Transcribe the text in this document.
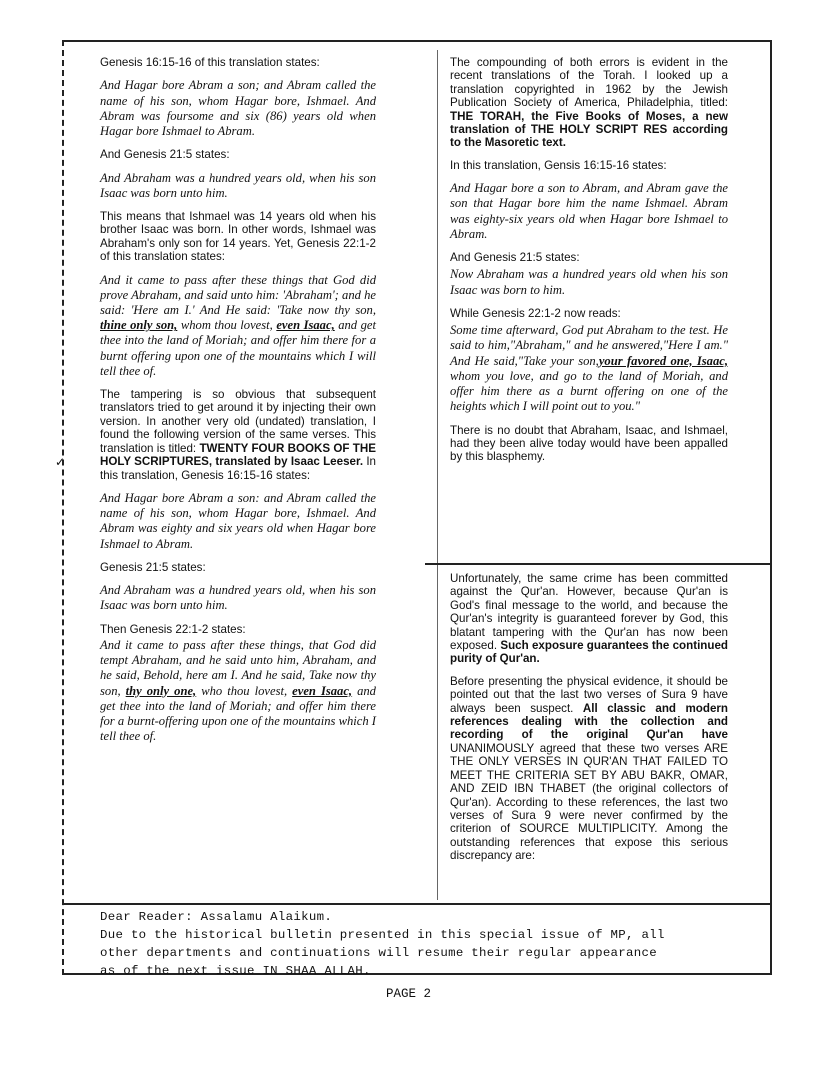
✓

Genesis 16:15-16 of this translation states:

And Hagar bore Abram a son; and Abram called the name of his son, whom Hagar bore, Ishmael. And Abram was foursome and six (86) years old when Hagar bore Ishmael to Abram.

And Genesis 21:5 states:

And Abraham was a hundred years old, when his son Isaac was born unto him.

This means that Ishmael was 14 years old when his brother Isaac was born. In other words, Ishmael was Abraham's only son for 14 years. Yet, Genesis 22:1-2 of this translation states:

And it came to pass after these things that God did prove Abraham, and said unto him: 'Abraham'; and he said: 'Here am I.' And He said: 'Take now thy son, thine only son, whom thou lovest, even Isaac, and get thee into the land of Moriah; and offer him there for a burnt offering upon one of the mountains which I will tell thee of.

The tampering is so obvious that subsequent translators tried to get around it by injecting their own version. In another very old (undated) translation, I found the following version of the same verses. This translation is titled: TWENTY FOUR BOOKS OF THE HOLY SCRIPTURES, translated by Isaac Leeser. In this translation, Genesis 16:15-16 states:

And Hagar bore Abram a son: and Abram called the name of his son, whom Hagar bore, Ishmael. And Abram was eighty and six years old when Hagar bore Ishmael to Abram.

Genesis 21:5 states:

And Abraham was a hundred years old, when his son Isaac was born unto him.

Then Genesis 22:1-2 states:

And it came to pass after these things, that God did tempt Abraham, and he said unto him, Abraham, and he said, Behold, here am I. And he said, Take now thy son, thy only one, who thou lovest, even Isaac, and get thee into the land of Moriah; and offer him there for a burnt-offering upon one of the mountains which I tell thee of.

The compounding of both errors is evident in the recent translations of the Torah. I looked up a translation copyrighted in 1962 by the Jewish Publication Society of America, Philadelphia, titled: THE TORAH, the Five Books of Moses, a new translation of THE HOLY SCRIPT RES according to the Masoretic text.

In this translation, Gensis 16:15-16 states:

And Hagar bore a son to Abram, and Abram gave the son that Hagar bore him the name Ishmael. Abram was eighty-six years old when Hagar bore Ishmael to Abram.

And Genesis 21:5 states:

Now Abraham was a hundred years old when his son Isaac was born to him.

While Genesis 22:1-2 now reads:

Some time afterward, God put Abraham to the test. He said to him,"Abraham," and he answered,"Here I am." And He said,"Take your son,your favored one, Isaac, whom you love, and go to the land of Moriah, and offer him there as a burnt offering on one of the heights which I will point out to you."

There is no doubt that Abraham, Isaac, and Ishmael, had they been alive today would have been appalled by this blasphemy.

Unfortunately, the same crime has been committed against the Qur'an. However, because Qur'an is God's final message to the world, and because the Qur'an's integrity is guaranteed forever by God, this blatant tampering with the Qur'an has now been exposed. Such exposure guarantees the continued purity of Qur'an.

Before presenting the physical evidence, it should be pointed out that the last two verses of Sura 9 have always been suspect. All classic and modern references dealing with the collection and recording of the original Qur'an have UNANIMOUSLY agreed that these two verses ARE THE ONLY VERSES IN QUR'AN THAT FAILED TO MEET THE CRITERIA SET BY ABU BAKR, OMAR, AND ZEID IBN THABET (the original collectors of Qur'an). According to these references, the last two verses of Sura 9 were never confirmed by the criterion of SOURCE MULTIPLICITY. Among the outstanding references that expose this serious discrepancy are:

Dear Reader: Assalamu Alaikum.
Due to the historical bulletin presented in this special issue of MP, all
other departments and continuations will resume their regular appearance
as of the next issue IN SHAA ALLAH.
PAGE 2
